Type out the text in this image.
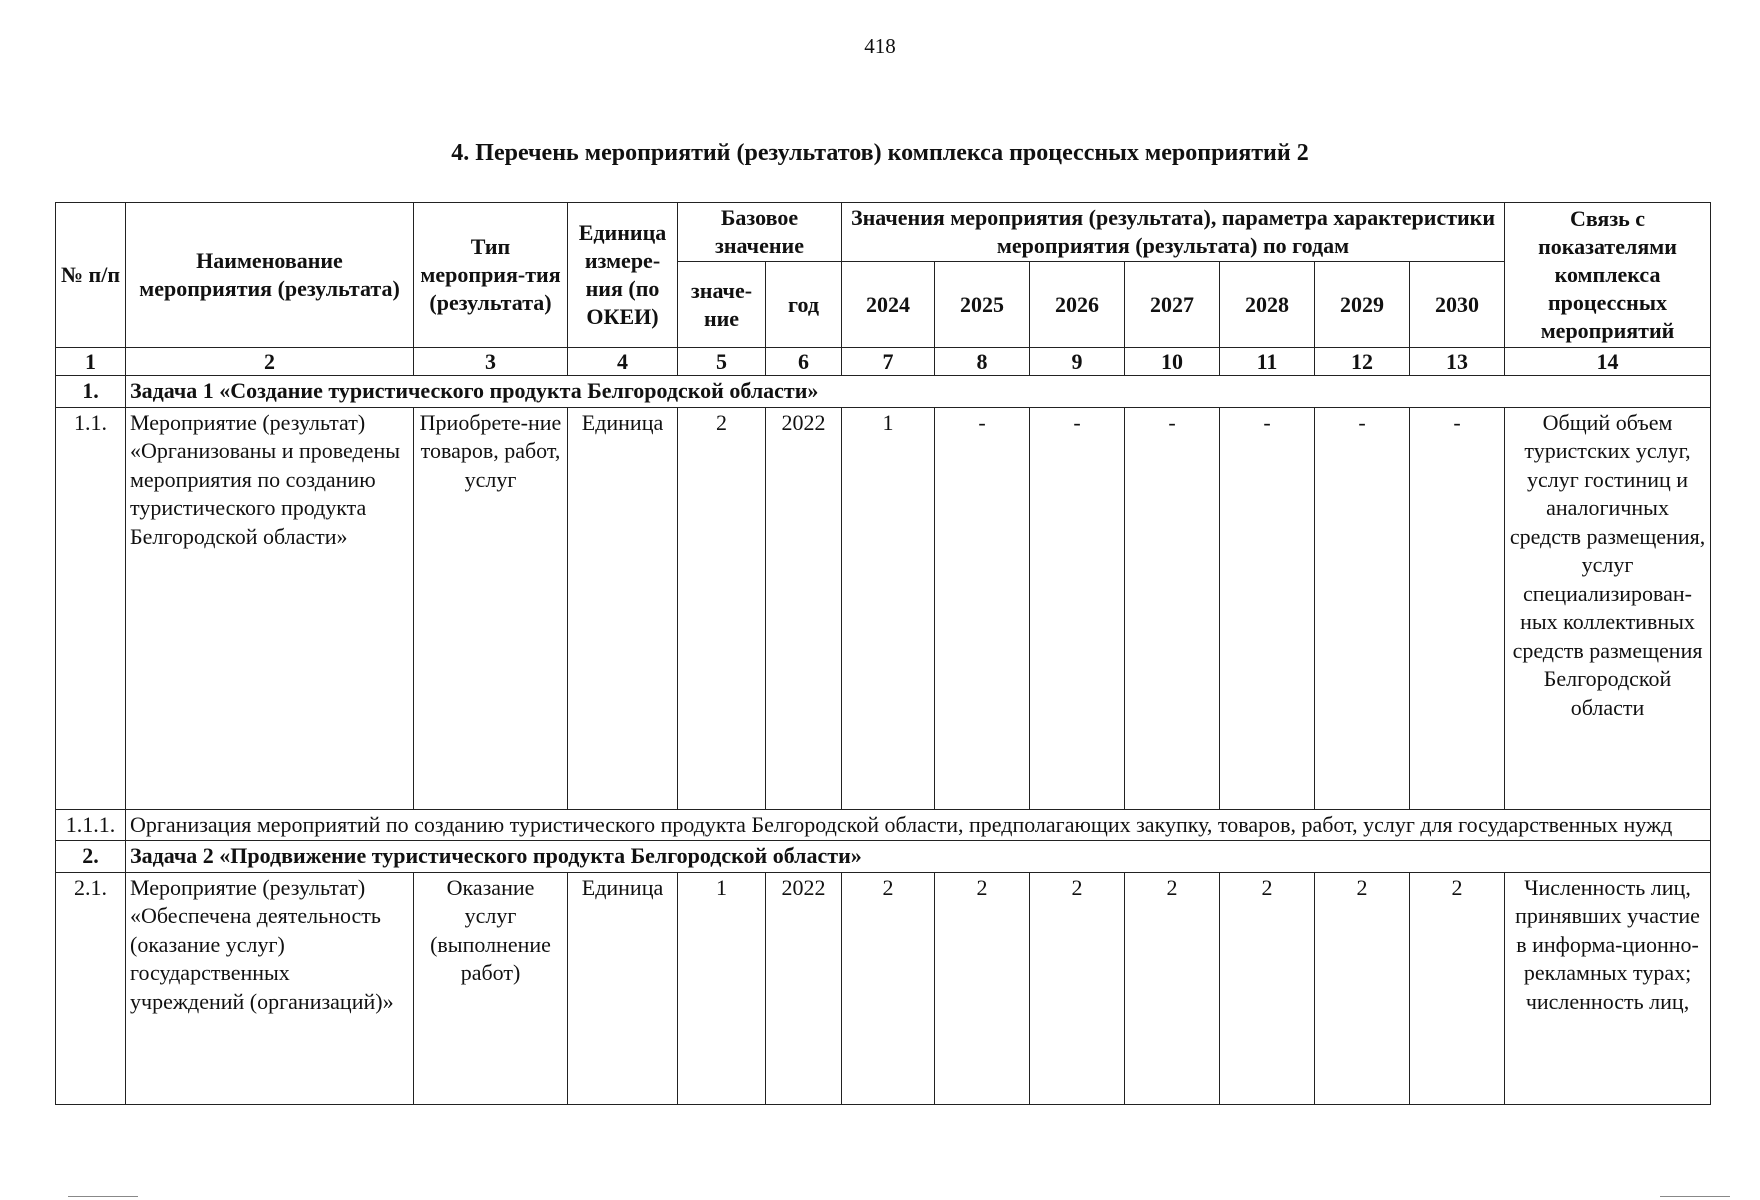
418
4. Перечень мероприятий (результатов) комплекса процессных мероприятий 2
№ п/п	Наименование мероприятия (результата)	Тип мероприя-тия (результата)	Единица измере-ния (по ОКЕИ)	Базовое значение		Значения мероприятия (результата), параметра характеристики мероприятия (результата) по годам							Связь с показателями комплекса процессных мероприятий
				значе-ние	год	2024	2025	2026	2027	2028	2029	2030	
1	2	3	4	5	6	7	8	9	10	11	12	13	14
1.	Задача 1 «Создание туристического продукта Белгородской области»												
1.1.	Мероприятие (результат) «Организованы и проведены мероприятия по созданию туристического продукта Белгородской области»	Приобрете-ние товаров, работ, услуг	Единица	2	2022	1	-	-	-	-	-	-	Общий объем туристских услуг, услуг гостиниц и аналогичных средств размещения, услуг специализирован-ных коллективных средств размещения Белгородской области
1.1.1.	Организация мероприятий по созданию туристического продукта Белгородской области, предполагающих закупку, товаров, работ, услуг для государственных нужд												
2.	Задача 2 «Продвижение туристического продукта Белгородской области»												
2.1.	Мероприятие (результат) «Обеспечена деятельность (оказание услуг) государственных учреждений (организаций)»	Оказание услуг (выполнение работ)	Единица	1	2022	2	2	2	2	2	2	2	Численность лиц, принявших участие в информа-ционно-рекламных турах; численность лиц,
